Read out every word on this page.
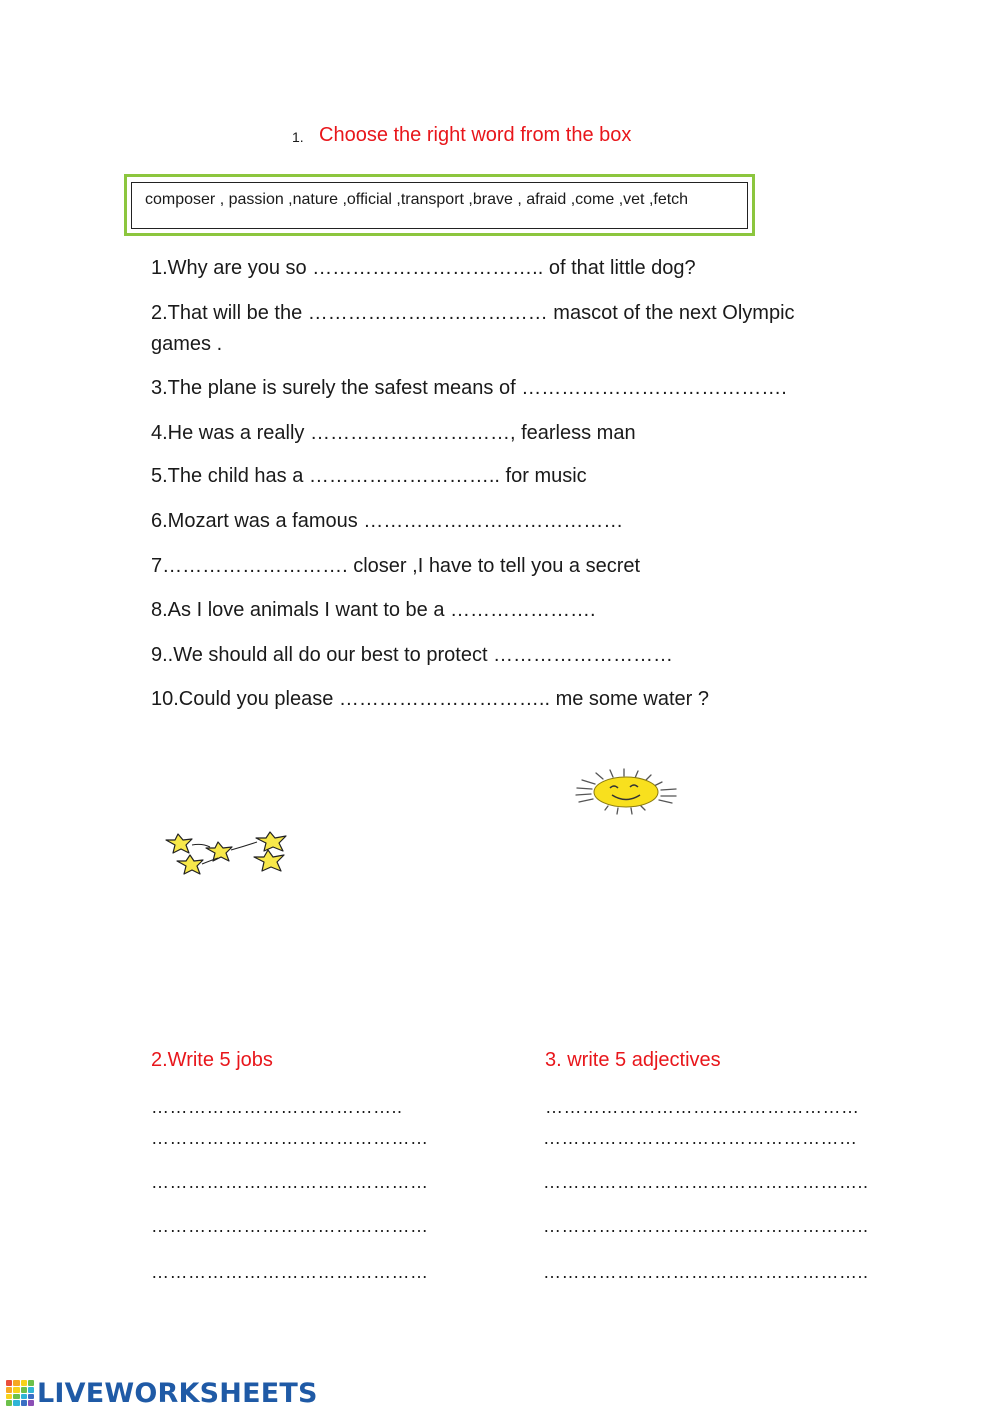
1. Choose the right word from the box
composer , passion ,nature ,official ,transport ,brave , afraid ,come ,vet ,fetch
1.Why are you so …………………………….. of that little dog?
2.That will be the ……………………………… mascot of the next Olympic
games .
3.The plane is surely the safest means of ………………………………….
4.He was a really …………………………, fearless man
5.The child has a ……………………….. for music
6.Mozart was a famous …………………………………
7………………………. closer ,I have to tell you a secret
8.As I love animals I want to be a ………………….
9..We should all do our best to protect ………………………
10.Could you please ………………………….. me some water ?
2.Write 5 jobs
…………………………………..
………………………………………
………………………………………
………………………………………
………………………………………
3. write 5 adjectives
……………………………………………
……………………………………………
……………………………………………..
……………………………………………..
……………………………………………..
LIVEWORKSHEETS
